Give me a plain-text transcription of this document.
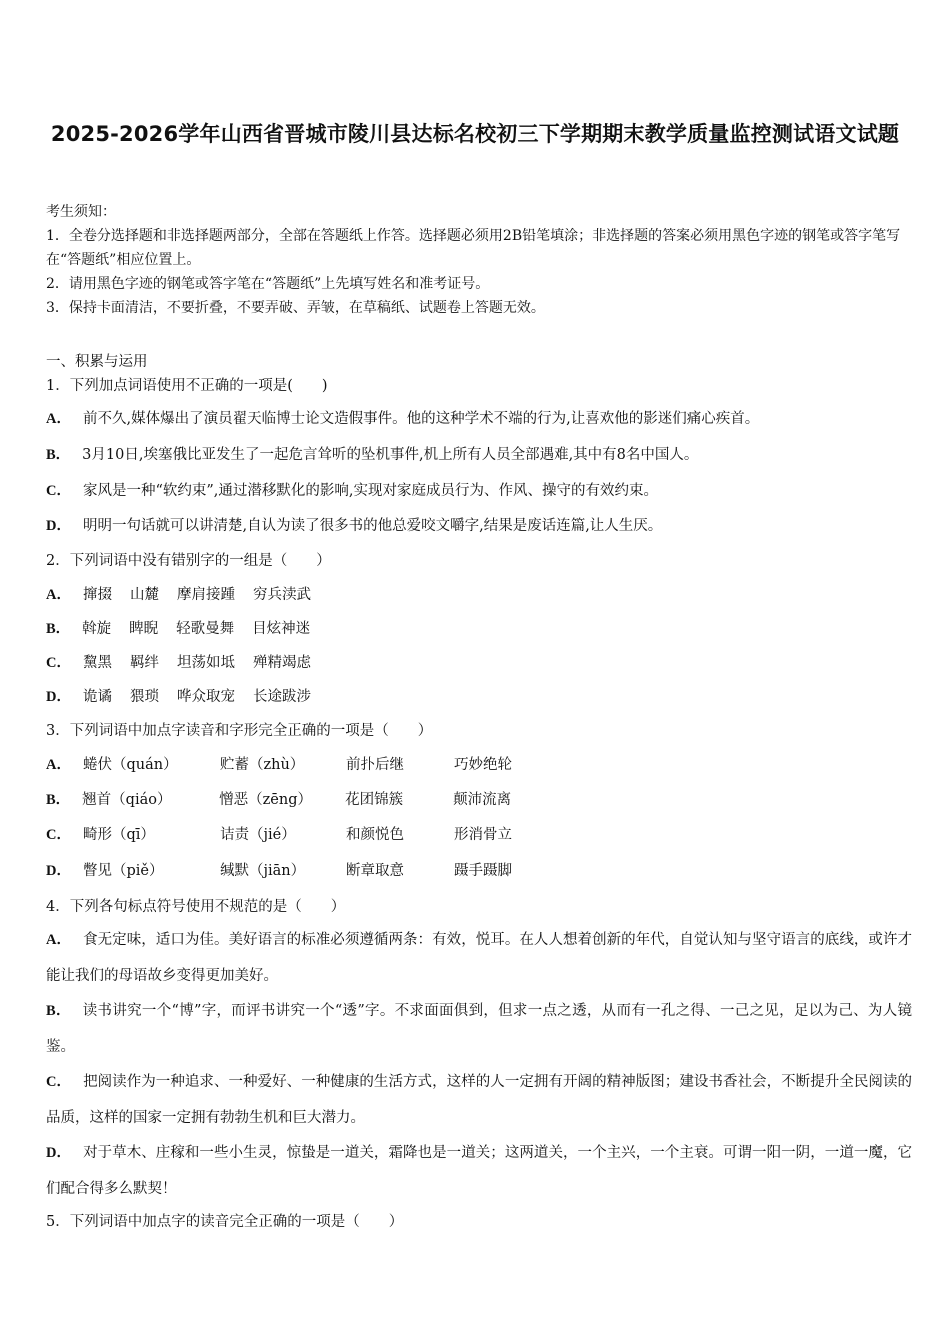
2025-2026学年山西省晋城市陵川县达标名校初三下学期期末教学质量监控测试语文试题

考生须知：

1．全卷分选择题和非选择题两部分，全部在答题纸上作答。选择题必须用2B铅笔填涂；非选择题的答案必须用黑色字迹的钢笔或答字笔写在“答题纸”相应位置上。

2．请用黑色字迹的钢笔或答字笔在“答题纸”上先填写姓名和准考证号。

3．保持卡面清洁，不要折叠，不要弄破、弄皱，在草稿纸、试题卷上答题无效。

一、积累与运用
1．下列加点词语使用不正确的一项是(　　)
A． 前不久,媒体爆出了演员翟天临博士论文造假事件。他的这种学术不端的行为,让喜欢他的影迷们痛心疾首。
B． 3月10日,埃塞俄比亚发生了一起危言耸听的坠机事件,机上所有人员全部遇难,其中有8名中国人。
C． 家风是一种“软约束”,通过潜移默化的影响,实现对家庭成员行为、作风、操守的有效约束。
D． 明明一句话就可以讲清楚,自认为读了很多书的他总爱咬文嚼字,结果是废话连篇,让人生厌。
2．下列词语中没有错别字的一组是（　　）
A． 撺掇 山麓 摩肩接踵 穷兵渎武
B． 斡旋 睥睨 轻歌曼舞 目炫神迷
C． 黧黑 羁绊 坦荡如坻 殚精竭虑
D． 诡谲 猥琐 哗众取宠 长途跋涉
3．下列词语中加点字读音和字形完全正确的一项是（　　）
A． 蜷伏（quán）	贮蓄（zhù）	前扑后继	巧妙绝轮
B． 翘首（qiáo）	憎恶（zēng） 花团锦簇	颠沛流离
C． 畸形（qī）	诘责（jié）	和颜悦色	形消骨立
D． 瞥见（piě）	缄默（jiān）	断章取意	蹑手蹑脚
4．下列各句标点符号使用不规范的是（　　）
A． 食无定味，适口为佳。美好语言的标准必须遵循两条：有效，悦耳。在人人想着创新的年代，自觉认知与坚守语言的底线，或许才能让我们的母语故乡变得更加美好。
B． 读书讲究一个“博”字，而评书讲究一个“透”字。不求面面俱到，但求一点之透，从而有一孔之得、一己之见，足以为己、为人镜鉴。
C． 把阅读作为一种追求、一种爱好、一种健康的生活方式，这样的人一定拥有开阔的精神版图；建设书香社会，不断提升全民阅读的品质，这样的国家一定拥有勃勃生机和巨大潜力。
D． 对于草木、庄稼和一些小生灵，惊蛰是一道关，霜降也是一道关；这两道关，一个主兴，一个主衰。可谓一阳一阴，一道一魔，它们配合得多么默契！
5．下列词语中加点字的读音完全正确的一项是（　　）
